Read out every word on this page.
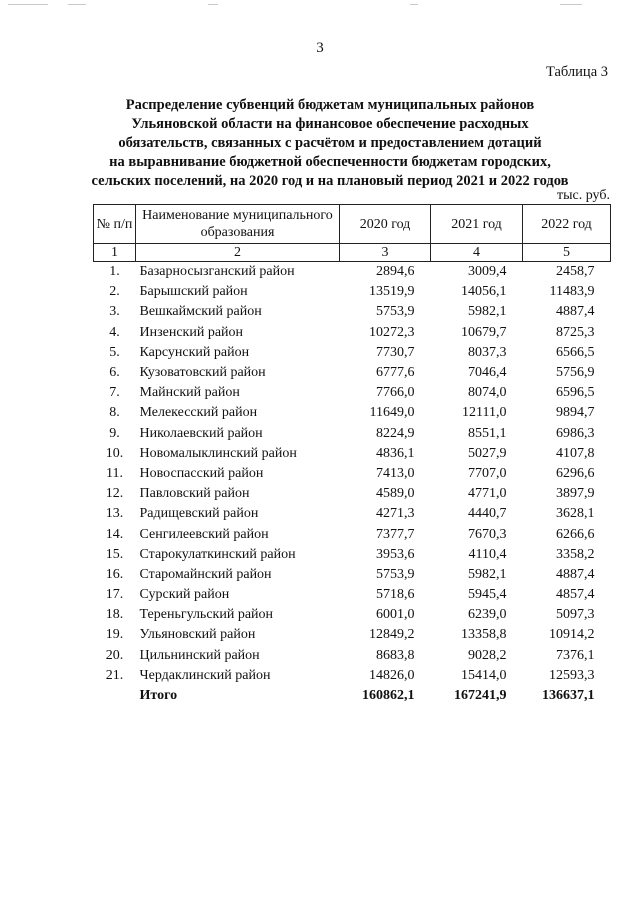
3
Таблица 3
Распределение субвенций бюджетам муниципальных районов
Ульяновской области на финансовое обеспечение расходных
обязательств, связанных с расчётом и предоставлением дотаций
на выравнивание бюджетной обеспеченности бюджетам городских,
сельских поселений, на 2020 год и на плановый период 2021 и 2022 годов
тыс. руб.
№ п/п	Наименование муниципального образования	2020 год	2021 год	2022 год
1	2	3	4	5
1.	Базарносызганский район	2894,6	3009,4	2458,7
2.	Барышский район	13519,9	14056,1	11483,9
3.	Вешкаймский район	5753,9	5982,1	4887,4
4.	Инзенский район	10272,3	10679,7	8725,3
5.	Карсунский район	7730,7	8037,3	6566,5
6.	Кузоватовский район	6777,6	7046,4	5756,9
7.	Майнский район	7766,0	8074,0	6596,5
8.	Мелекесский район	11649,0	12111,0	9894,7
9.	Николаевский район	8224,9	8551,1	6986,3
10.	Новомалыклинский район	4836,1	5027,9	4107,8
11.	Новоспасский район	7413,0	7707,0	6296,6
12.	Павловский район	4589,0	4771,0	3897,9
13.	Радищевский район	4271,3	4440,7	3628,1
14.	Сенгилеевский район	7377,7	7670,3	6266,6
15.	Старокулаткинский район	3953,6	4110,4	3358,2
16.	Старомайнский район	5753,9	5982,1	4887,4
17.	Сурский район	5718,6	5945,4	4857,4
18.	Тереньгульский район	6001,0	6239,0	5097,3
19.	Ульяновский район	12849,2	13358,8	10914,2
20.	Цильнинский район	8683,8	9028,2	7376,1
21.	Чердаклинский район	14826,0	15414,0	12593,3
	Итого	160862,1	167241,9	136637,1
